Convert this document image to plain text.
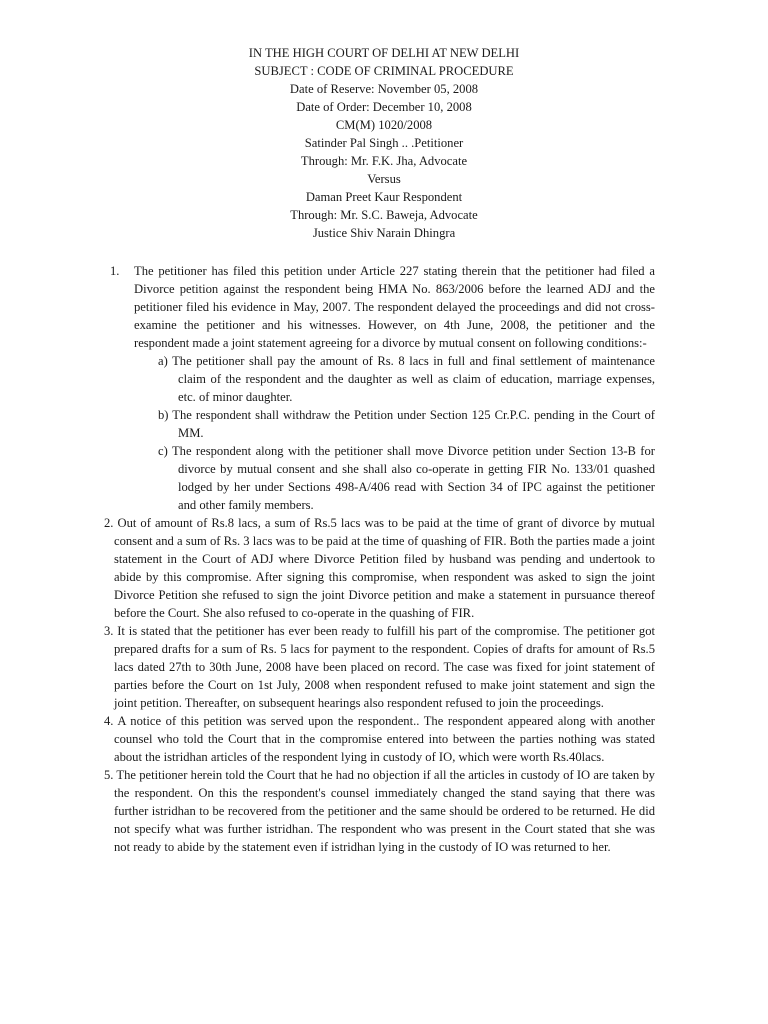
IN THE HIGH COURT OF DELHI AT NEW DELHI
SUBJECT : CODE OF CRIMINAL PROCEDURE
Date of Reserve: November 05, 2008
Date of Order: December 10, 2008
CM(M) 1020/2008
Satinder Pal Singh .. .Petitioner
Through: Mr. F.K. Jha, Advocate
Versus
Daman Preet Kaur Respondent
Through: Mr. S.C. Baweja, Advocate
Justice Shiv Narain Dhingra
1. The petitioner has filed this petition under Article 227 stating therein that the petitioner had filed a Divorce petition against the respondent being HMA No. 863/2006 before the learned ADJ and the petitioner filed his evidence in May, 2007. The respondent delayed the proceedings and did not cross-examine the petitioner and his witnesses. However, on 4th June, 2008, the petitioner and the respondent made a joint statement agreeing for a divorce by mutual consent on following conditions:-

a) The petitioner shall pay the amount of Rs. 8 lacs in full and final settlement of maintenance claim of the respondent and the daughter as well as claim of education, marriage expenses, etc. of minor daughter.
b) The respondent shall withdraw the Petition under Section 125 Cr.P.C. pending in the Court of MM.
c) The respondent along with the petitioner shall move Divorce petition under Section 13-B for divorce by mutual consent and she shall also co-operate in getting FIR No. 133/01 quashed lodged by her under Sections 498-A/406 read with Section 34 of IPC against the petitioner and other family members.
2. Out of amount of Rs.8 lacs, a sum of Rs.5 lacs was to be paid at the time of grant of divorce by mutual consent and a sum of Rs. 3 lacs was to be paid at the time of quashing of FIR. Both the parties made a joint statement in the Court of ADJ where Divorce Petition filed by husband was pending and undertook to abide by this compromise. After signing this compromise, when respondent was asked to sign the joint Divorce Petition she refused to sign the joint Divorce petition and make a statement in pursuance thereof before the Court. She also refused to co-operate in the quashing of FIR.
3. It is stated that the petitioner has ever been ready to fulfill his part of the compromise. The petitioner got prepared drafts for a sum of Rs. 5 lacs for payment to the respondent. Copies of drafts for amount of Rs.5 lacs dated 27th to 30th June, 2008 have been placed on record. The case was fixed for joint statement of parties before the Court on 1st July, 2008 when respondent refused to make joint statement and sign the joint petition. Thereafter, on subsequent hearings also respondent refused to join the proceedings.
4. A notice of this petition was served upon the respondent.. The respondent appeared along with another counsel who told the Court that in the compromise entered into between the parties nothing was stated about the istridhan articles of the respondent lying in custody of IO, which were worth Rs.40lacs.
5. The petitioner herein told the Court that he had no objection if all the articles in custody of IO are taken by the respondent. On this the respondent's counsel immediately changed the stand saying that there was further istridhan to be recovered from the petitioner and the same should be ordered to be returned. He did not specify what was further istridhan. The respondent who was present in the Court stated that she was not ready to abide by the statement even if istridhan lying in the custody of IO was returned to her.
